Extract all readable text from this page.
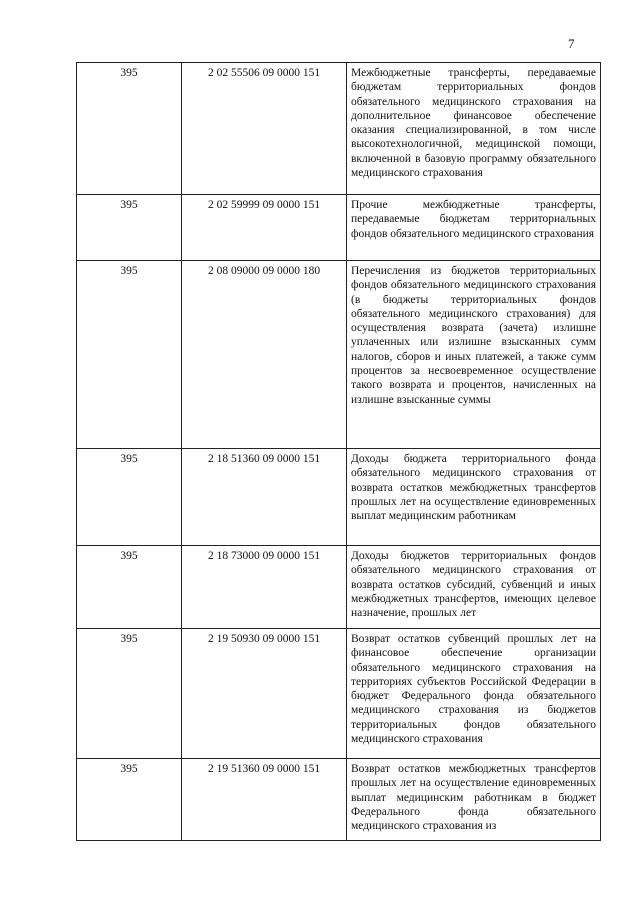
7
395	2 02 55506 09 0000 151	Межбюджетные трансферты, передаваемые бюджетам территориальных фондов обязательного медицинского страхования на дополнительное финансовое обеспечение оказания специализированной, в том числе высокотехнологичной, медицинской помощи, включенной в базовую программу обязательного медицинского страхования
395	2 02 59999 09 0000 151	Прочие межбюджетные трансферты, передаваемые бюджетам территориальных фондов обязательного медицинского страхования
395	2 08 09000 09 0000 180	Перечисления из бюджетов территориальных фондов обязательного медицинского страхования (в бюджеты территориальных фондов обязательного медицинского страхования) для осуществления возврата (зачета) излишне уплаченных или излишне взысканных сумм налогов, сборов и иных платежей, а также сумм процентов за несвоевременное осуществление такого возврата и процентов, начисленных на излишне взысканные суммы
395	2 18 51360 09 0000 151	Доходы бюджета территориального фонда обязательного медицинского страхования от возврата остатков межбюджетных трансфертов прошлых лет на осуществление единовременных выплат медицинским работникам
395	2 18 73000 09 0000 151	Доходы бюджетов территориальных фондов обязательного медицинского страхования от возврата остатков субсидий, субвенций и иных межбюджетных трансфертов, имеющих целевое назначение, прошлых лет
395	2 19 50930 09 0000 151	Возврат остатков субвенций прошлых лет на финансовое обеспечение организации обязательного медицинского страхования на территориях субъектов Российской Федерации в бюджет Федерального фонда обязательного медицинского страхования из бюджетов территориальных фондов обязательного медицинского страхования
395	2 19 51360 09 0000 151	Возврат остатков межбюджетных трансфертов прошлых лет на осуществление единовременных выплат медицинским работникам в бюджет Федерального фонда обязательного медицинского страхования из
